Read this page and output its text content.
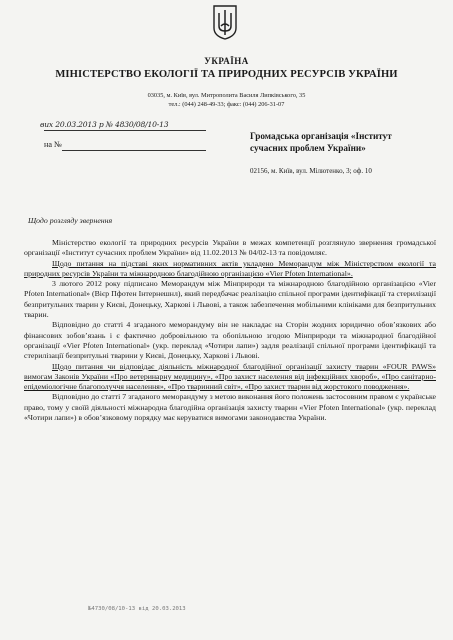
УКРАЇНА
МІНІСТЕРСТВО ЕКОЛОГІЇ ТА ПРИРОДНИХ РЕСУРСІВ УКРАЇНИ
03035, м. Київ, вул. Митрополита Василя Липківського, 35
тел.: (044) 248-49-33; факс: (044) 206-31-07
вих 20.03.2013 р № 4830/08/10-13
на №
Громадська організація «Інститут сучасних проблем України»
02156, м. Київ, вул. Мілютенко, 3; оф. 10
Щодо розгляду звернення

Міністерство екології та природних ресурсів України в межах компетенції розглянуло звернення громадської організації «Інститут сучасних проблем України» від 11.02.2013 № 04/02-13 та повідомляє.

Щодо питання на підставі яких нормативних актів укладено Меморандум між Міністерством екології та природних ресурсів України та міжнародною благодійною організацією «Vier Pfoten International».

3 лютого 2012 року підписано Меморандум між Мінприроди та міжнародною благодійною організацією «Vier Pfoten International» (Вієр Пфотен Інтернешнл), який передбачає реалізацію спільної програми ідентифікації та стерилізації безпритульних тварин у Києві, Донецьку, Харкові і Львові, а також забезпечення мобільними клініками для безпритульних тварин.

Відповідно до статті 4 згаданого меморандуму він не накладає на Сторін жодних юридично обов’язкових або фінансових зобов’язань і є фактично добровільною та обопільною згодою Мінприроди та міжнародної благодійної організації «Vier Pfoten International» (укр. переклад «Чотири лапи») задля реалізації спільної програми ідентифікації та стерилізації безпритульні тварини у Києві, Донецьку, Харкові і Львові.

Щодо питання чи відповідає діяльність міжнародної благодійної організації захисту тварин «FOUR PAWS» вимогам Законів України «Про ветеринарну медицину», «Про захист населення від інфекційних хвороб», «Про санітарно-епідеміологічне благополуччя населення», «Про тваринний світ», «Про захист тварин від жорстокого поводження».

Відповідно до статті 7 згаданого меморандуму з метою виконання його положень застосовним правом є українське право, тому у своїй діяльності міжнародна благодійна організація захисту тварин «Vier Pfoten International» (укр. переклад «Чотири лапи») в обов’язковому порядку має керуватися вимогами законодавства України.

№4730/08/10-13 від 20.03.2013
